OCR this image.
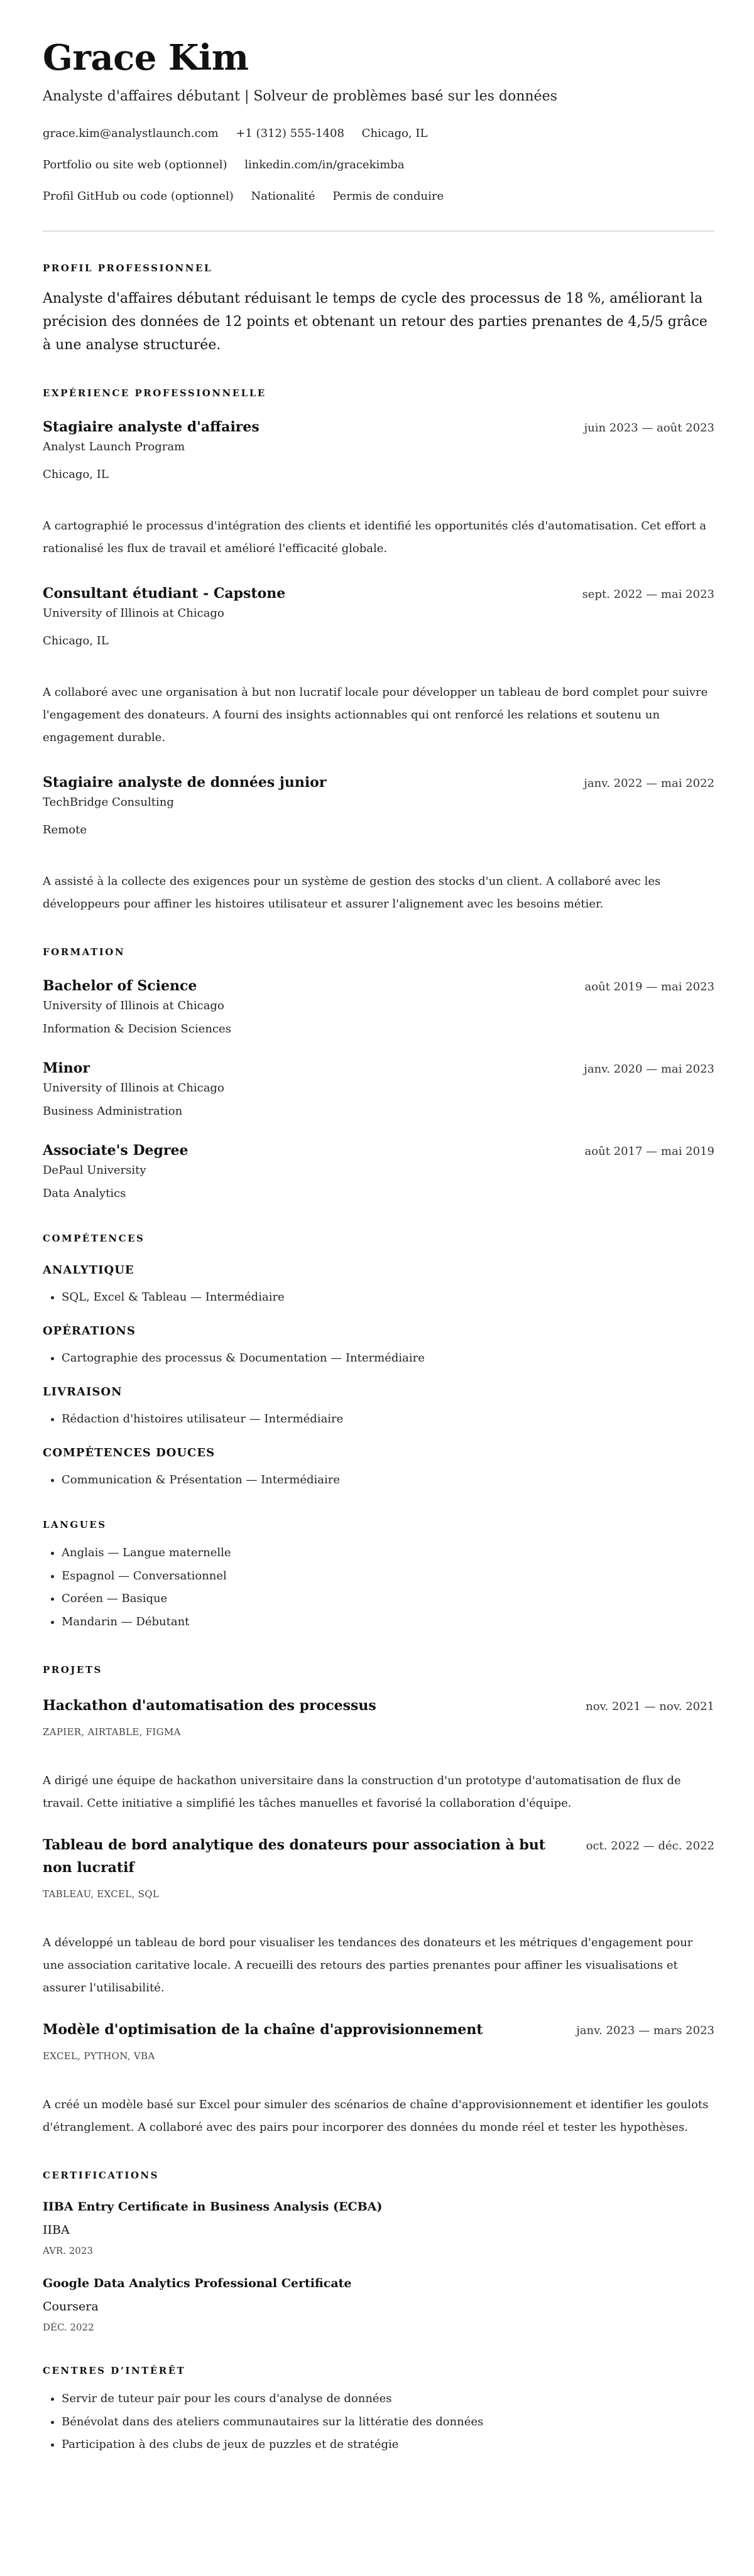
Grace Kim
Analyste d'affaires débutant | Solveur de problèmes basé sur les données
grace.kim@analystlaunch.com +1 (312) 555-1408 Chicago, IL
Portfolio ou site web (optionnel) linkedin.com/in/gracekimba
Profil GitHub ou code (optionnel) Nationalité Permis de conduire
PROFIL PROFESSIONNEL
Analyste d'affaires débutant réduisant le temps de cycle des processus de 18 %, améliorant la précision des données de 12 points et obtenant un retour des parties prenantes de 4,5/5 grâce à une analyse structurée.
EXPÉRIENCE PROFESSIONNELLE
Stagiaire analyste d'affaires	juin 2023 — août 2023
Analyst Launch Program
Chicago, IL
A cartographié le processus d'intégration des clients et identifié les opportunités clés d'automatisation. Cet effort a rationalisé les flux de travail et amélioré l'efficacité globale.
Consultant étudiant - Capstone	sept. 2022 — mai 2023
University of Illinois at Chicago
Chicago, IL
A collaboré avec une organisation à but non lucratif locale pour développer un tableau de bord complet pour suivre l'engagement des donateurs. A fourni des insights actionnables qui ont renforcé les relations et soutenu un engagement durable.
Stagiaire analyste de données junior	janv. 2022 — mai 2022
TechBridge Consulting
Remote
A assisté à la collecte des exigences pour un système de gestion des stocks d'un client. A collaboré avec les développeurs pour affiner les histoires utilisateur et assurer l'alignement avec les besoins métier.
FORMATION
Bachelor of Science	août 2019 — mai 2023
University of Illinois at Chicago
Information & Decision Sciences
Minor	janv. 2020 — mai 2023
University of Illinois at Chicago
Business Administration
Associate's Degree	août 2017 — mai 2019
DePaul University
Data Analytics
COMPÉTENCES
ANALYTIQUE
• SQL, Excel & Tableau — Intermédiaire
OPÉRATIONS
• Cartographie des processus & Documentation — Intermédiaire
LIVRAISON
• Rédaction d'histoires utilisateur — Intermédiaire
COMPÉTENCES DOUCES
• Communication & Présentation — Intermédiaire
LANGUES
• Anglais — Langue maternelle
• Espagnol — Conversationnel
• Coréen — Basique
• Mandarin — Débutant
PROJETS
Hackathon d'automatisation des processus	nov. 2021 — nov. 2021
ZAPIER, AIRTABLE, FIGMA
A dirigé une équipe de hackathon universitaire dans la construction d'un prototype d'automatisation de flux de travail. Cette initiative a simplifié les tâches manuelles et favorisé la collaboration d'équipe.
Tableau de bord analytique des donateurs pour association à but non lucratif
oct. 2022 — déc. 2022
TABLEAU, EXCEL, SQL
A développé un tableau de bord pour visualiser les tendances des donateurs et les métriques d'engagement pour une association caritative locale. A recueilli des retours des parties prenantes pour affiner les visualisations et assurer l'utilisabilité.
Modèle d'optimisation de la chaîne d'approvisionnement	janv. 2023 — mars 2023
EXCEL, PYTHON, VBA
A créé un modèle basé sur Excel pour simuler des scénarios de chaîne d'approvisionnement et identifier les goulots d'étranglement. A collaboré avec des pairs pour incorporer des données du monde réel et tester les hypothèses.
CERTIFICATIONS
IIBA Entry Certificate in Business Analysis (ECBA)
IIBA
AVR. 2023
Google Data Analytics Professional Certificate
Coursera
DÉC. 2022
CENTRES D’INTÉRÊT
• Servir de tuteur pair pour les cours d'analyse de données
• Bénévolat dans des ateliers communautaires sur la littératie des données
• Participation à des clubs de jeux de puzzles et de stratégie
